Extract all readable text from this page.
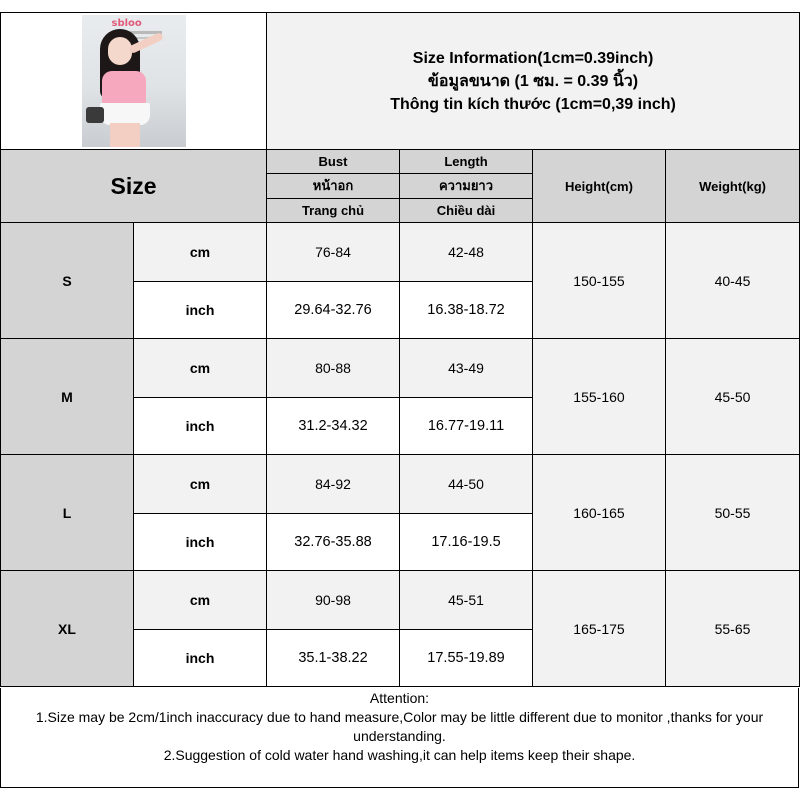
sbloo		Size Information(1cm=0.39inch)
ข้อมูลขนาด (1 ซม. = 0.39 นิ้ว)
Thông tin kích thước (1cm=0,39 inch)			

Size		Bust	Length	Height(cm)	Weight(kg)
		หน้าอก	ความยาว		
		Trang chủ	Chiều dài		
S	cm	76-84	42-48	150-155	40-45
	inch	29.64-32.76	16.38-18.72		
M	cm	80-88	43-49	155-160	45-50
	inch	31.2-34.32	16.77-19.11		
L	cm	84-92	44-50	160-165	50-55
	inch	32.76-35.88	17.16-19.5		
XL	cm	90-98	45-51	165-175	55-65
	inch	35.1-38.22	17.55-19.89		
Attention:
1.Size may be 2cm/1inch inaccuracy due to hand measure,Color may be little different due to monitor ,thanks for your understanding.
2.Suggestion of cold water hand washing,it can help items keep their shape.
